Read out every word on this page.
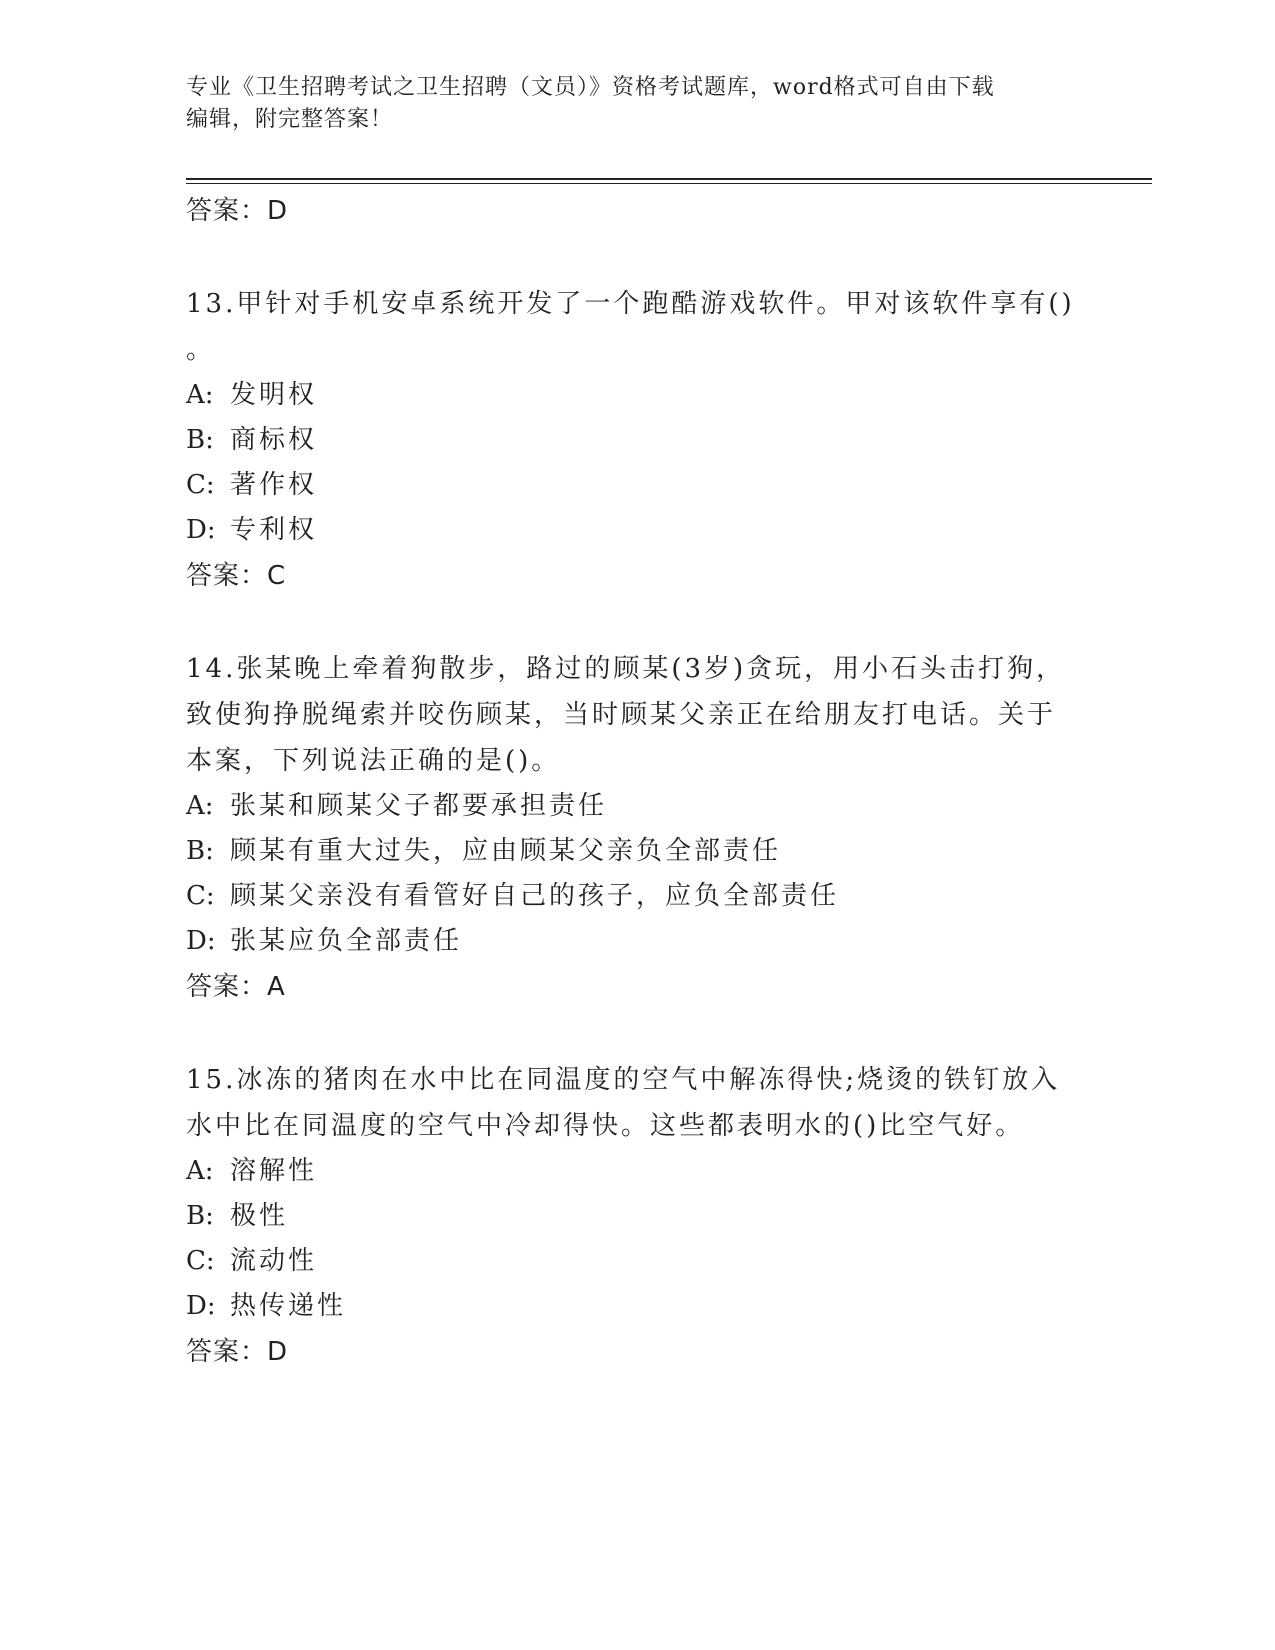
专业《卫生招聘考试之卫生招聘（文员）》资格考试题库，word格式可自由下载
编辑，附完整答案！
答案：D
13.甲针对手机安卓系统开发了一个跑酷游戏软件。甲对该软件享有()
。
A: 发明权
B: 商标权
C: 著作权
D: 专利权
答案：C
14.张某晚上牵着狗散步，路过的顾某(3岁)贪玩，用小石头击打狗，
致使狗挣脱绳索并咬伤顾某，当时顾某父亲正在给朋友打电话。关于
本案，下列说法正确的是()。
A: 张某和顾某父子都要承担责任
B: 顾某有重大过失，应由顾某父亲负全部责任
C: 顾某父亲没有看管好自己的孩子，应负全部责任
D: 张某应负全部责任
答案：A
15.冰冻的猪肉在水中比在同温度的空气中解冻得快;烧烫的铁钉放入
水中比在同温度的空气中冷却得快。这些都表明水的()比空气好。
A: 溶解性
B: 极性
C: 流动性
D: 热传递性
答案：D
